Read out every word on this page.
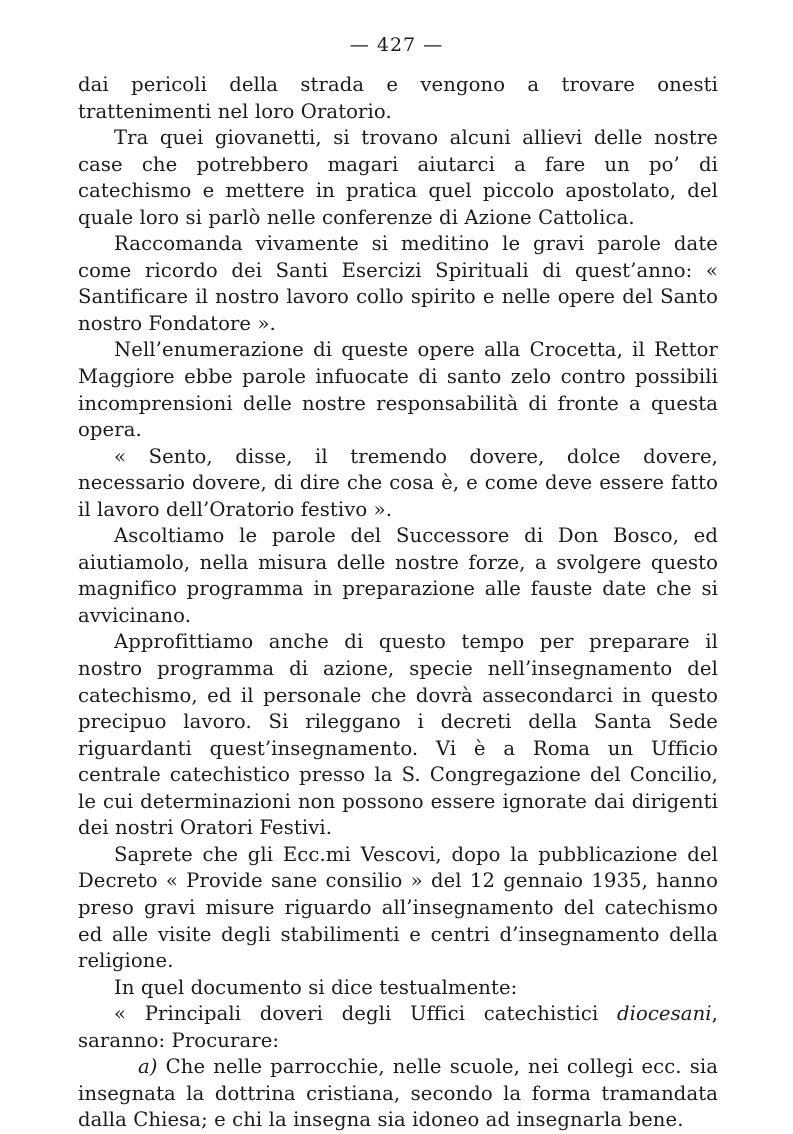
— 427 —

dai pericoli della strada e vengono a trovare onesti trattenimenti nel loro Oratorio.

Tra quei giovanetti, si trovano alcuni allievi delle nostre case che potrebbero magari aiutarci a fare un po’ di catechismo e mettere in pratica quel piccolo apostolato, del quale loro si parlò nelle conferenze di Azione Cattolica.

Raccomanda vivamente si meditino le gravi parole date come ricordo dei Santi Esercizi Spirituali di quest’anno: « Santificare il nostro lavoro collo spirito e nelle opere del Santo nostro Fondatore ».

Nell’enumerazione di queste opere alla Crocetta, il Rettor Maggiore ebbe parole infuocate di santo zelo contro possibili incomprensioni delle nostre responsabilità di fronte a questa opera.

« Sento, disse, il tremendo dovere, dolce dovere, necessario dovere, di dire che cosa è, e come deve essere fatto il lavoro dell’Oratorio festivo ».

Ascoltiamo le parole del Successore di Don Bosco, ed aiutiamolo, nella misura delle nostre forze, a svolgere questo magnifico programma in preparazione alle fauste date che si avvicinano.

Approfittiamo anche di questo tempo per preparare il nostro programma di azione, specie nell’insegnamento del catechismo, ed il personale che dovrà assecondarci in questo precipuo lavoro. Si rileggano i decreti della Santa Sede riguardanti quest’insegnamento. Vi è a Roma un Ufficio centrale catechistico presso la S. Congregazione del Concilio, le cui determinazioni non possono essere ignorate dai dirigenti dei nostri Oratori Festivi.

Saprete che gli Ecc.mi Vescovi, dopo la pubblicazione del Decreto « Provide sane consilio » del 12 gennaio 1935, hanno preso gravi misure riguardo all’insegnamento del catechismo ed alle visite degli stabilimenti e centri d’insegnamento della religione.

In quel documento si dice testualmente:

« Principali doveri degli Uffici catechistici diocesani, saranno: Procurare:

a) Che nelle parrocchie, nelle scuole, nei collegi ecc. sia insegnata la dottrina cristiana, secondo la forma tramandata dalla Chiesa; e chi la insegna sia idoneo ad insegnarla bene.
